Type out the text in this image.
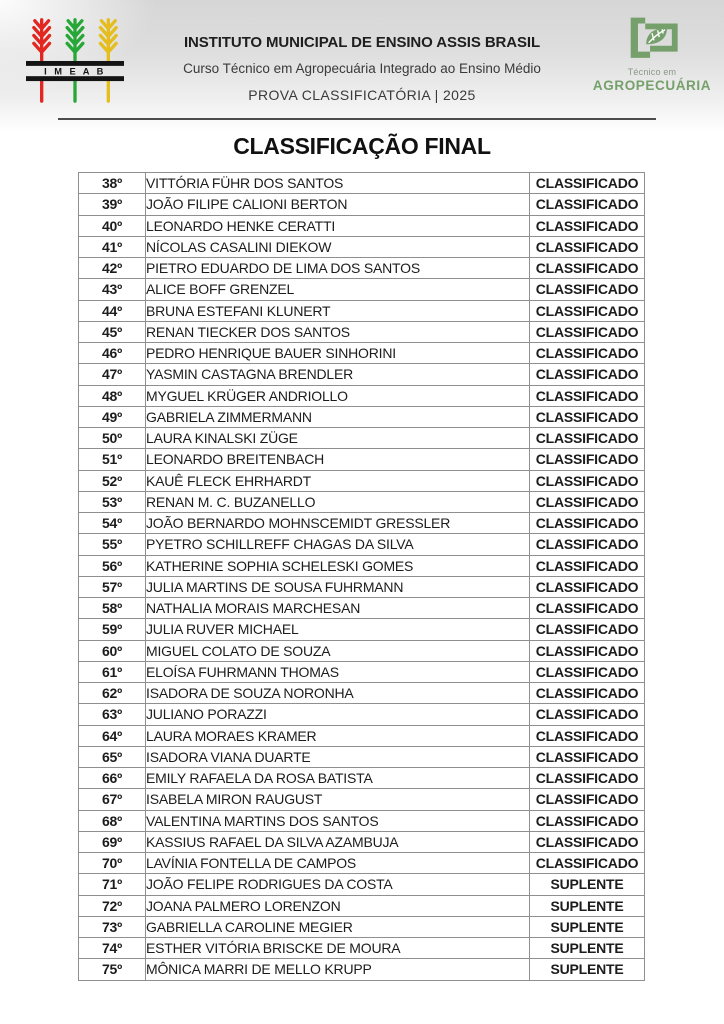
I M E A B
INSTITUTO MUNICIPAL DE ENSINO ASSIS BRASIL
Curso Técnico em Agropecuária Integrado ao Ensino Médio
PROVA CLASSIFICATÓRIA | 2025
Técnico em
AGROPECUÁRIA
CLASSIFICAÇÃO FINAL
38º	VITTÓRIA FÜHR DOS SANTOS	CLASSIFICADO
39º	JOÃO FILIPE CALIONI BERTON	CLASSIFICADO
40º	LEONARDO HENKE CERATTI	CLASSIFICADO
41º	NÍCOLAS CASALINI DIEKOW	CLASSIFICADO
42º	PIETRO EDUARDO DE LIMA DOS SANTOS	CLASSIFICADO
43º	ALICE BOFF GRENZEL	CLASSIFICADO
44º	BRUNA ESTEFANI KLUNERT	CLASSIFICADO
45º	RENAN TIECKER DOS SANTOS	CLASSIFICADO
46º	PEDRO HENRIQUE BAUER SINHORINI	CLASSIFICADO
47º	YASMIN CASTAGNA BRENDLER	CLASSIFICADO
48º	MYGUEL KRÜGER ANDRIOLLO	CLASSIFICADO
49º	GABRIELA ZIMMERMANN	CLASSIFICADO
50º	LAURA KINALSKI ZÜGE	CLASSIFICADO
51º	LEONARDO BREITENBACH	CLASSIFICADO
52º	KAUÊ FLECK EHRHARDT	CLASSIFICADO
53º	RENAN M. C. BUZANELLO	CLASSIFICADO
54º	JOÃO BERNARDO MOHNSCEMIDT GRESSLER	CLASSIFICADO
55º	PYETRO SCHILLREFF CHAGAS DA SILVA	CLASSIFICADO
56º	KATHERINE SOPHIA SCHELESKI GOMES	CLASSIFICADO
57º	JULIA MARTINS DE SOUSA FUHRMANN	CLASSIFICADO
58º	NATHALIA MORAIS MARCHESAN	CLASSIFICADO
59º	JULIA RUVER MICHAEL	CLASSIFICADO
60º	MIGUEL COLATO DE SOUZA	CLASSIFICADO
61º	ELOÍSA FUHRMANN THOMAS	CLASSIFICADO
62º	ISADORA DE SOUZA NORONHA	CLASSIFICADO
63º	JULIANO PORAZZI	CLASSIFICADO
64º	LAURA MORAES KRAMER	CLASSIFICADO
65º	ISADORA VIANA DUARTE	CLASSIFICADO
66º	EMILY RAFAELA DA ROSA BATISTA	CLASSIFICADO
67º	ISABELA MIRON RAUGUST	CLASSIFICADO
68º	VALENTINA MARTINS DOS SANTOS	CLASSIFICADO
69º	KASSIUS RAFAEL DA SILVA AZAMBUJA	CLASSIFICADO
70º	LAVÍNIA FONTELLA DE CAMPOS	CLASSIFICADO
71º	JOÃO FELIPE RODRIGUES DA COSTA	SUPLENTE
72º	JOANA PALMERO LORENZON	SUPLENTE
73º	GABRIELLA CAROLINE MEGIER	SUPLENTE
74º	ESTHER VITÓRIA BRISCKE DE MOURA	SUPLENTE
75º	MÔNICA MARRI DE MELLO KRUPP	SUPLENTE
